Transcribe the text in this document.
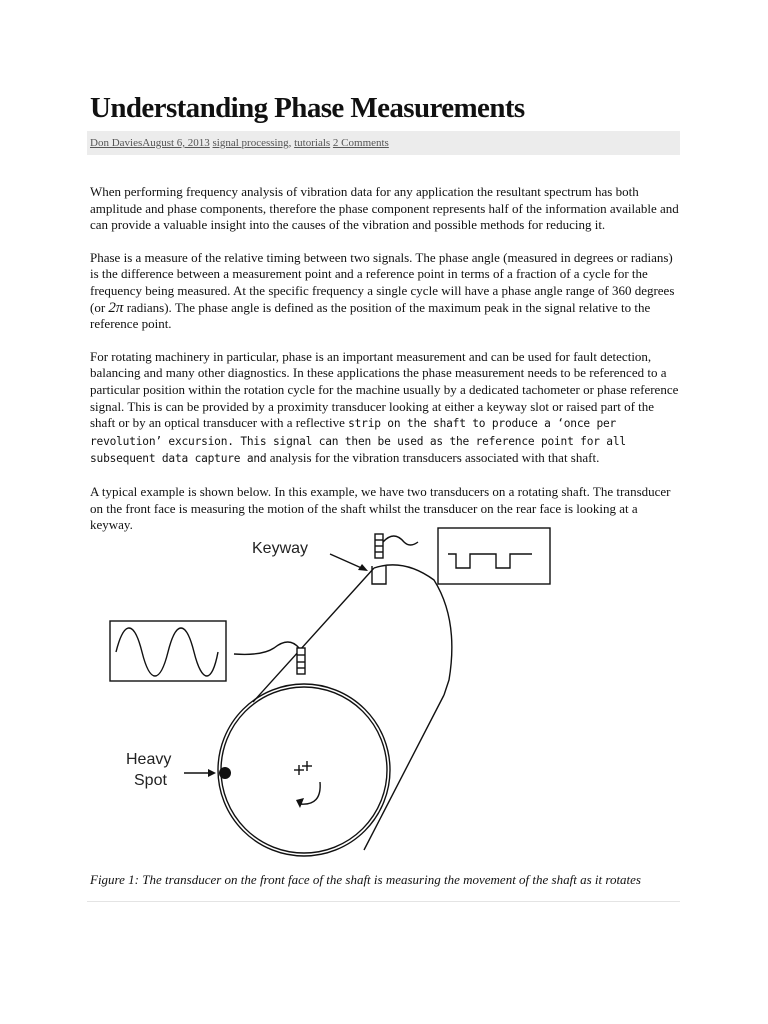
Understanding Phase Measurements
Don DaviesAugust 6, 2013 signal processing, tutorials 2 Comments

When performing frequency analysis of vibration data for any application the resultant spectrum has both amplitude and phase components, therefore the phase component represents half of the information available and can provide a valuable insight into the causes of the vibration and possible methods for reducing it.

Phase is a measure of the relative timing between two signals. The phase angle (measured in degrees or radians) is the difference between a measurement point and a reference point in terms of a fraction of a cycle for the frequency being measured. At the specific frequency a single cycle will have a phase angle range of 360 degrees (or 2π radians). The phase angle is defined as the position of the maximum peak in the signal relative to the reference point.

For rotating machinery in particular, phase is an important measurement and can be used for fault detection, balancing and many other diagnostics. In these applications the phase measurement needs to be referenced to a particular position within the rotation cycle for the machine usually by a dedicated tachometer or phase reference signal. This is can be provided by a proximity transducer looking at either a keyway slot or raised part of the shaft or by an optical transducer with a reflective strip on the shaft to produce a ‘once per revolution’ excursion. This signal can then be used as the reference point for all subsequent data capture and analysis for the vibration transducers associated with that shaft.

A typical example is shown below. In this example, we have two transducers on a rotating shaft. The transducer on the front face is measuring the motion of the shaft whilst the transducer on the rear face is looking at a keyway.

Keyway
Heavy
Spot
Figure 1: The transducer on the front face of the shaft is measuring the movement of the shaft as it rotates
